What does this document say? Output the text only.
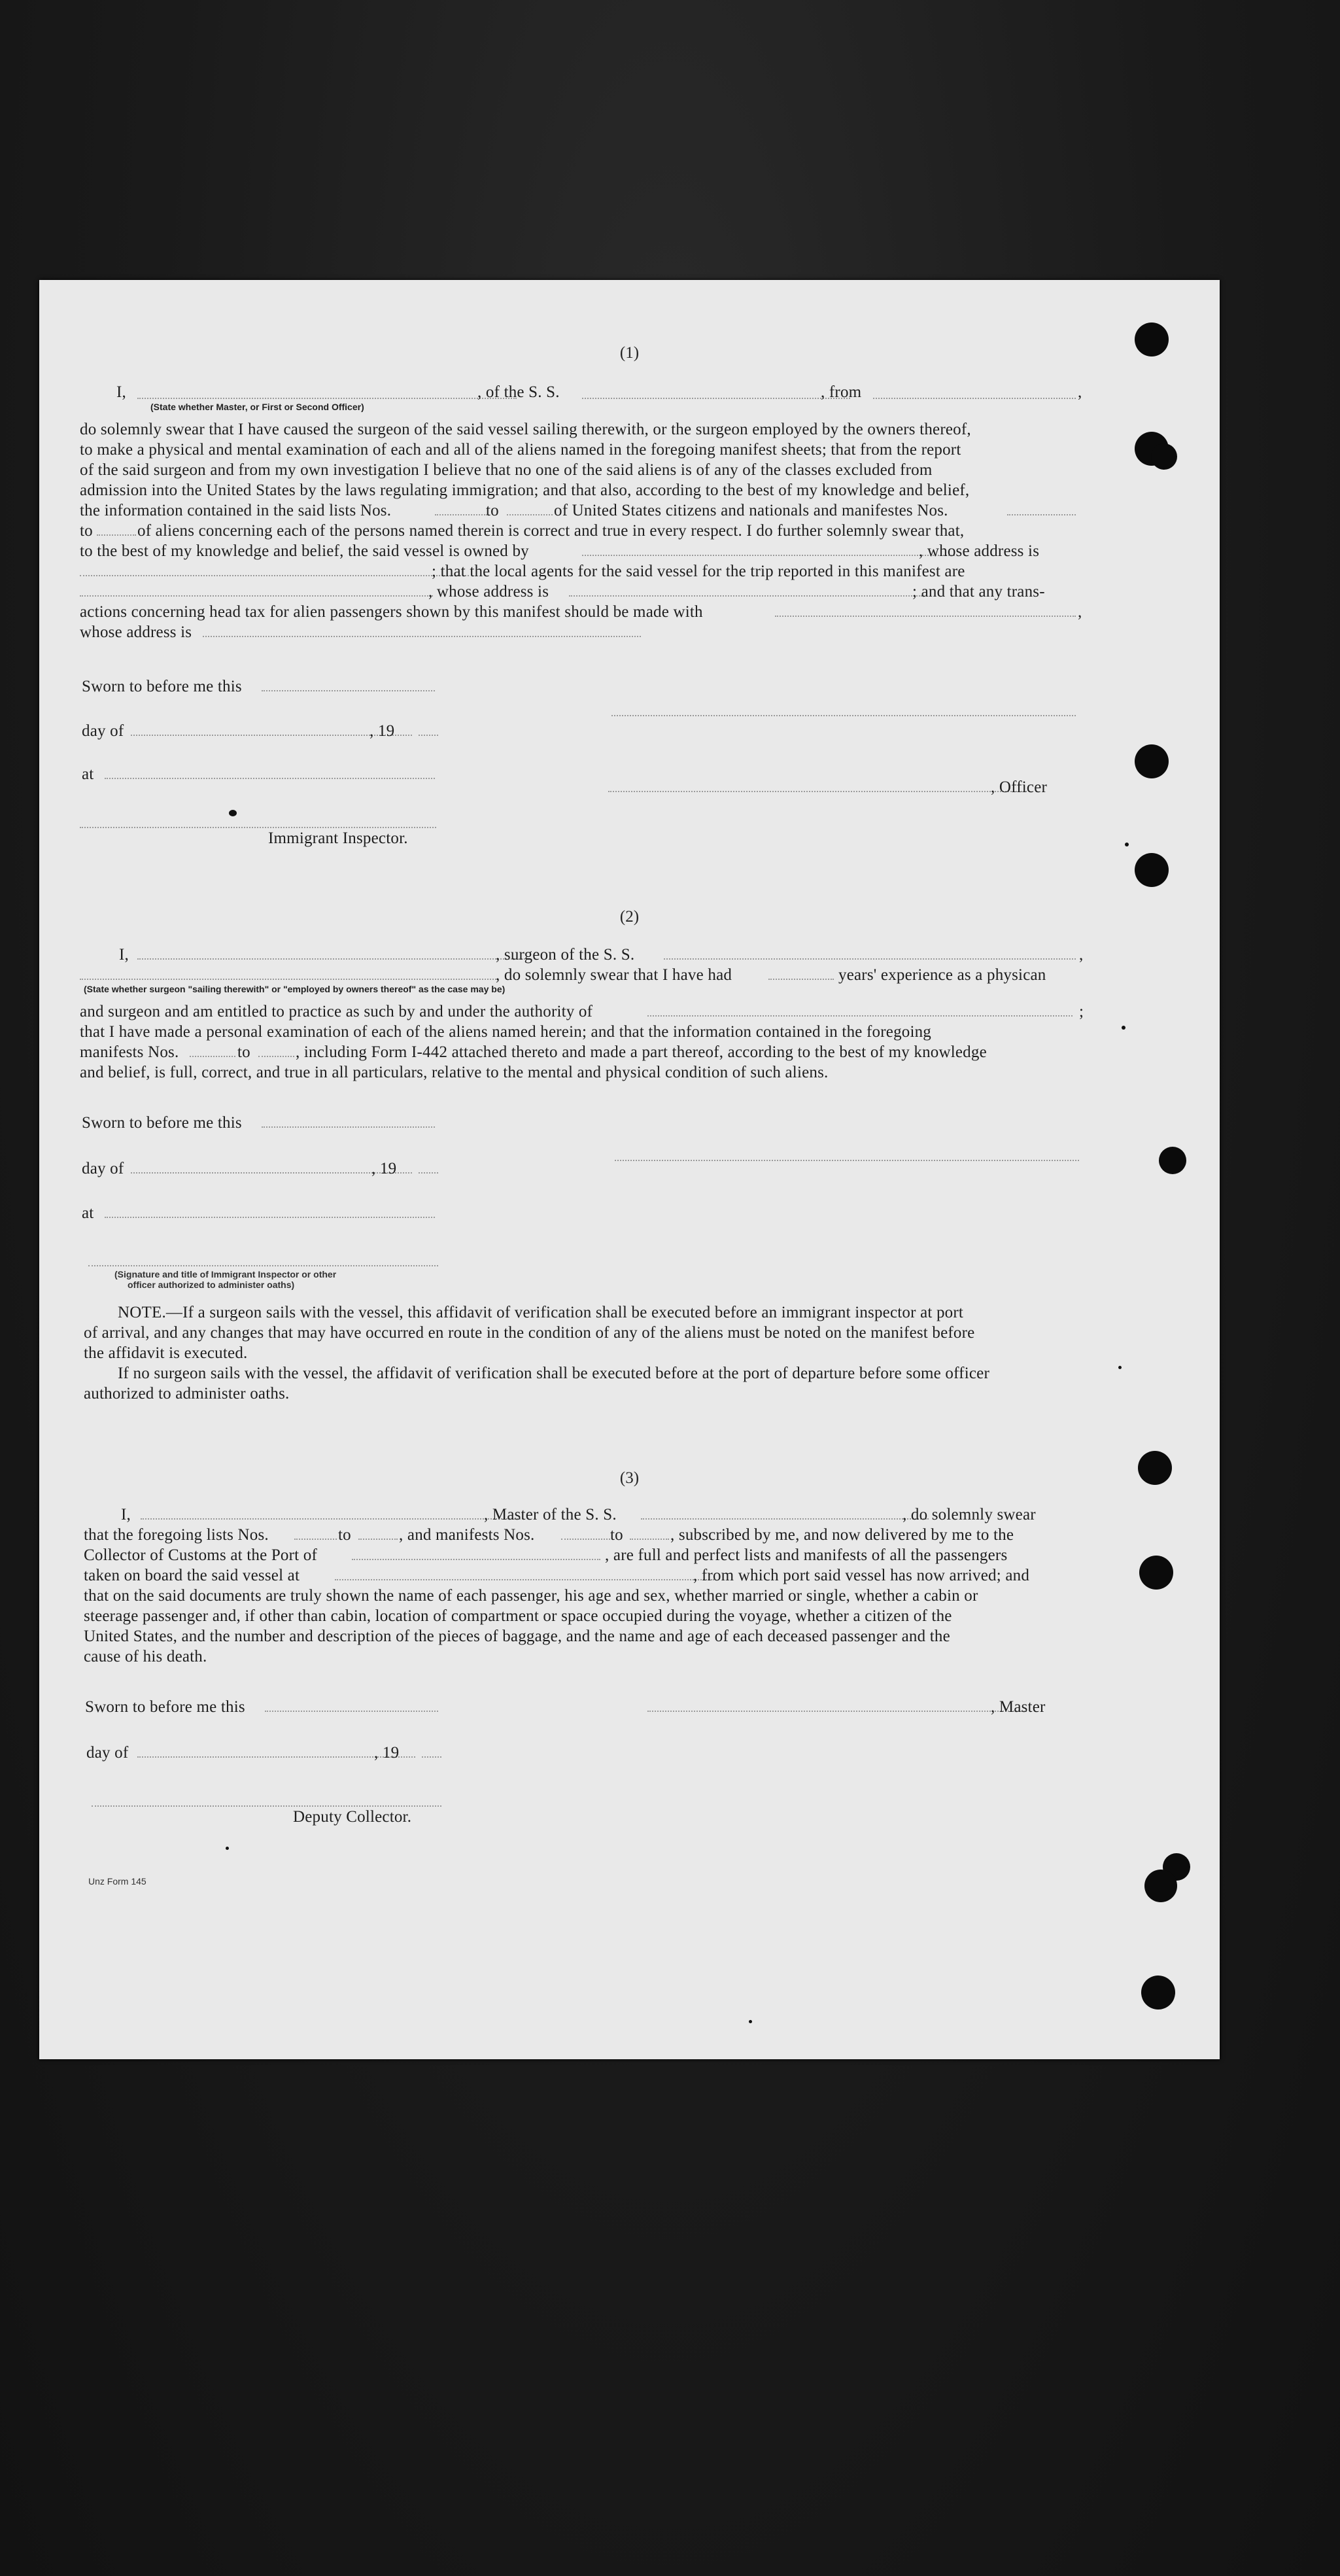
(1)
I,	, of the S. S.	, from	,
(State whether Master, or First or Second Officer)
do solemnly swear that I have caused the surgeon of the said vessel sailing therewith, or the surgeon employed by the owners thereof,
to make a physical and mental examination of each and all of the aliens named in the foregoing manifest sheets; that from the report
of the said surgeon and from my own investigation I believe that no one of the said aliens is of any of the classes excluded from
admission into the United States by the laws regulating immigration; and that also, according to the best of my knowledge and belief,
the information contained in the said lists Nos.	to	of United States citizens and nationals and manifestes Nos.
to	of aliens concerning each of the persons named therein is correct and true in every respect. I do further solemnly swear that,
to the best of my knowledge and belief, the said vessel is owned by	, whose address is
; that the local agents for the said vessel for the trip reported in this manifest are
, whose address is	; and that any trans-
actions concerning head tax for alien passengers shown by this manifest should be made with	,
whose address is
Sworn to before me this
day of	, 19
at
, Officer
Immigrant Inspector.
(2)
I,	, surgeon of the S. S.	,
, do solemnly swear that I have had	years' experience as a physican
(State whether surgeon "sailing therewith" or "employed by owners thereof" as the case may be)
and surgeon and am entitled to practice as such by and under the authority of	;
that I have made a personal examination of each of the aliens named herein; and that the information contained in the foregoing
manifests Nos.	to	, including Form I-442 attached thereto and made a part thereof, according to the best of my knowledge
and belief, is full, correct, and true in all particulars, relative to the mental and physical condition of such aliens.
Sworn to before me this
day of	, 19
at
(Signature and title of Immigrant Inspector or other
officer authorized to administer oaths)
NOTE.—If a surgeon sails with the vessel, this affidavit of verification shall be executed before an immigrant inspector at port
of arrival, and any changes that may have occurred en route in the condition of any of the aliens must be noted on the manifest before
the affidavit is executed.
If no surgeon sails with the vessel, the affidavit of verification shall be executed before at the port of departure before some officer
authorized to administer oaths.
(3)
I,	, Master of the S. S.	, do solemnly swear
that the foregoing lists Nos.	to	, and manifests Nos.	to	, subscribed by me, and now delivered by me to the
Collector of Customs at the Port of	, are full and perfect lists and manifests of all the passengers
taken on board the said vessel at	, from which port said vessel has now arrived; and
that on the said documents are truly shown the name of each passenger, his age and sex, whether married or single, whether a cabin or
steerage passenger and, if other than cabin, location of compartment or space occupied during the voyage, whether a citizen of the
United States, and the number and description of the pieces of baggage, and the name and age of each deceased passenger and the
cause of his death.
Sworn to before me this	, Master
day of	, 19
Deputy Collector.
Unz Form 145
